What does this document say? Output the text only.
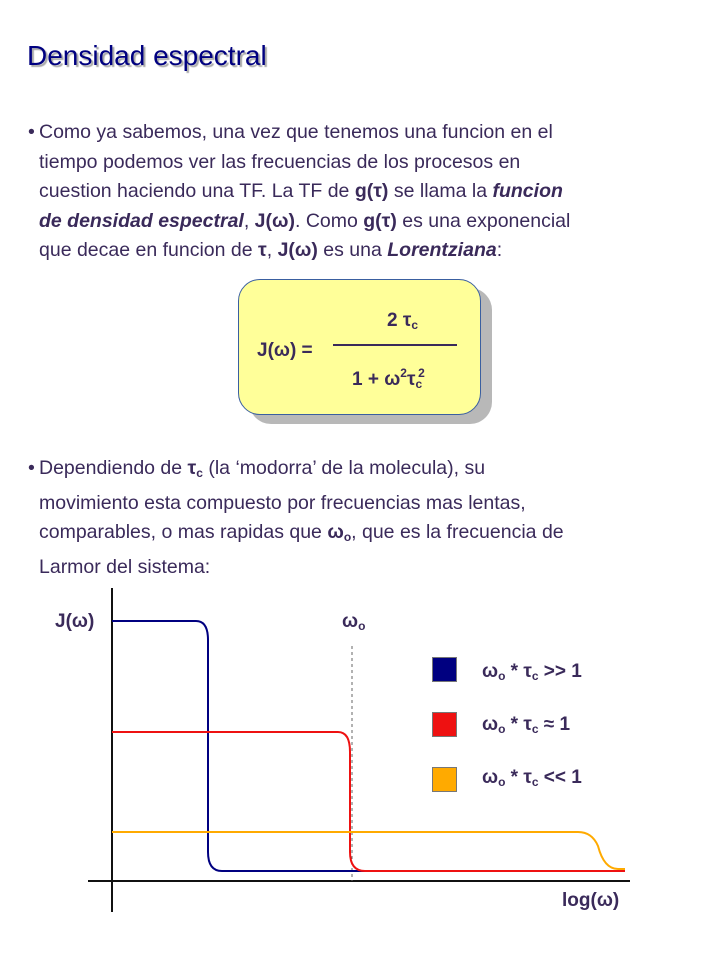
Densidad espectral
• Como ya sabemos, una vez que tenemos una funcion en el
tiempo podemos ver las frecuencias de los procesos en
cuestion haciendo una TF. La TF de g(τ) se llama la funcion
de densidad espectral, J(ω). Como g(τ) es una exponencial
que decae en funcion de τ, J(ω) es una Lorentziana:
J(ω) =
2 $\tau_c$
$1 + \omega^2\tau_c^2$
• Dependiendo de $\tau_c$ (la ‘modorra’ de la molecula), su
movimiento esta compuesto por frecuencias mas lentas,
comparables, o mas rapidas que $\omega_o$, que es la frecuencia de
Larmor del sistema:
J(ω)
log(ω)
$\omega_o$
$\omega_o * \tau_c >> 1$
$\omega_o * \tau_c \approx 1$
$\omega_o * \tau_c << 1$
